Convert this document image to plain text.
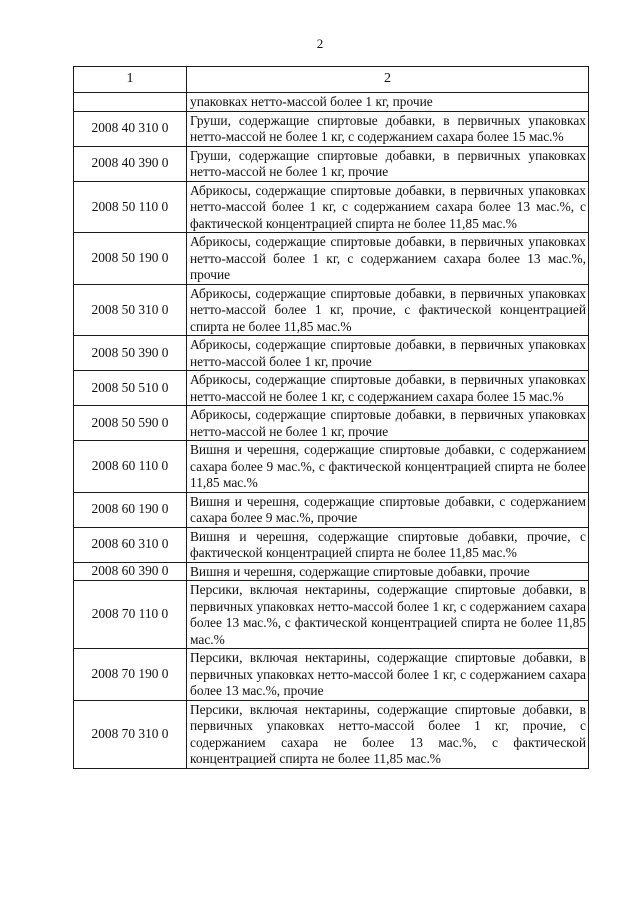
2
1	2
	упаковках нетто-массой более 1 кг, прочие
2008 40 310 0	Груши, содержащие спиртовые добавки, в первичных упаковках нетто-массой не более 1 кг, с содержанием сахара более 15 мас.%
2008 40 390 0	Груши, содержащие спиртовые добавки, в первичных упаковках нетто-массой не более 1 кг, прочие
2008 50 110 0	Абрикосы, содержащие спиртовые добавки, в первичных упаковках нетто-массой более 1 кг, с содержанием сахара более 13 мас.%, с фактической концентрацией спирта не более 11,85 мас.%
2008 50 190 0	Абрикосы, содержащие спиртовые добавки, в первичных упаковках нетто-массой более 1 кг, с содержанием сахара более 13 мас.%, прочие
2008 50 310 0	Абрикосы, содержащие спиртовые добавки, в первичных упаковках нетто-массой более 1 кг, прочие, с фактической концентрацией спирта не более 11,85 мас.%
2008 50 390 0	Абрикосы, содержащие спиртовые добавки, в первичных упаковках нетто-массой более 1 кг, прочие
2008 50 510 0	Абрикосы, содержащие спиртовые добавки, в первичных упаковках нетто-массой не более 1 кг, с содержанием сахара более 15 мас.%
2008 50 590 0	Абрикосы, содержащие спиртовые добавки, в первичных упаковках нетто-массой не более 1 кг, прочие
2008 60 110 0	Вишня и черешня, содержащие спиртовые добавки, с содержанием сахара более 9 мас.%, с фактической концентрацией спирта не более 11,85 мас.%
2008 60 190 0	Вишня и черешня, содержащие спиртовые добавки, с содержанием сахара более 9 мас.%, прочие
2008 60 310 0	Вишня и черешня, содержащие спиртовые добавки, прочие, с фактической концентрацией спирта не более 11,85 мас.%
2008 60 390 0	Вишня и черешня, содержащие спиртовые добавки, прочие
2008 70 110 0	Персики, включая нектарины, содержащие спиртовые добавки, в первичных упаковках нетто-массой более 1 кг, с содержанием сахара более 13 мас.%, с фактической концентрацией спирта не более 11,85 мас.%
2008 70 190 0	Персики, включая нектарины, содержащие спиртовые добавки, в первичных упаковках нетто-массой более 1 кг, с содержанием сахара более 13 мас.%, прочие
2008 70 310 0	Персики, включая нектарины, содержащие спиртовые добавки, в первичных упаковках нетто-массой более 1 кг, прочие, с содержанием сахара не более 13 мас.%, с фактической концентрацией спирта не более 11,85 мас.%
